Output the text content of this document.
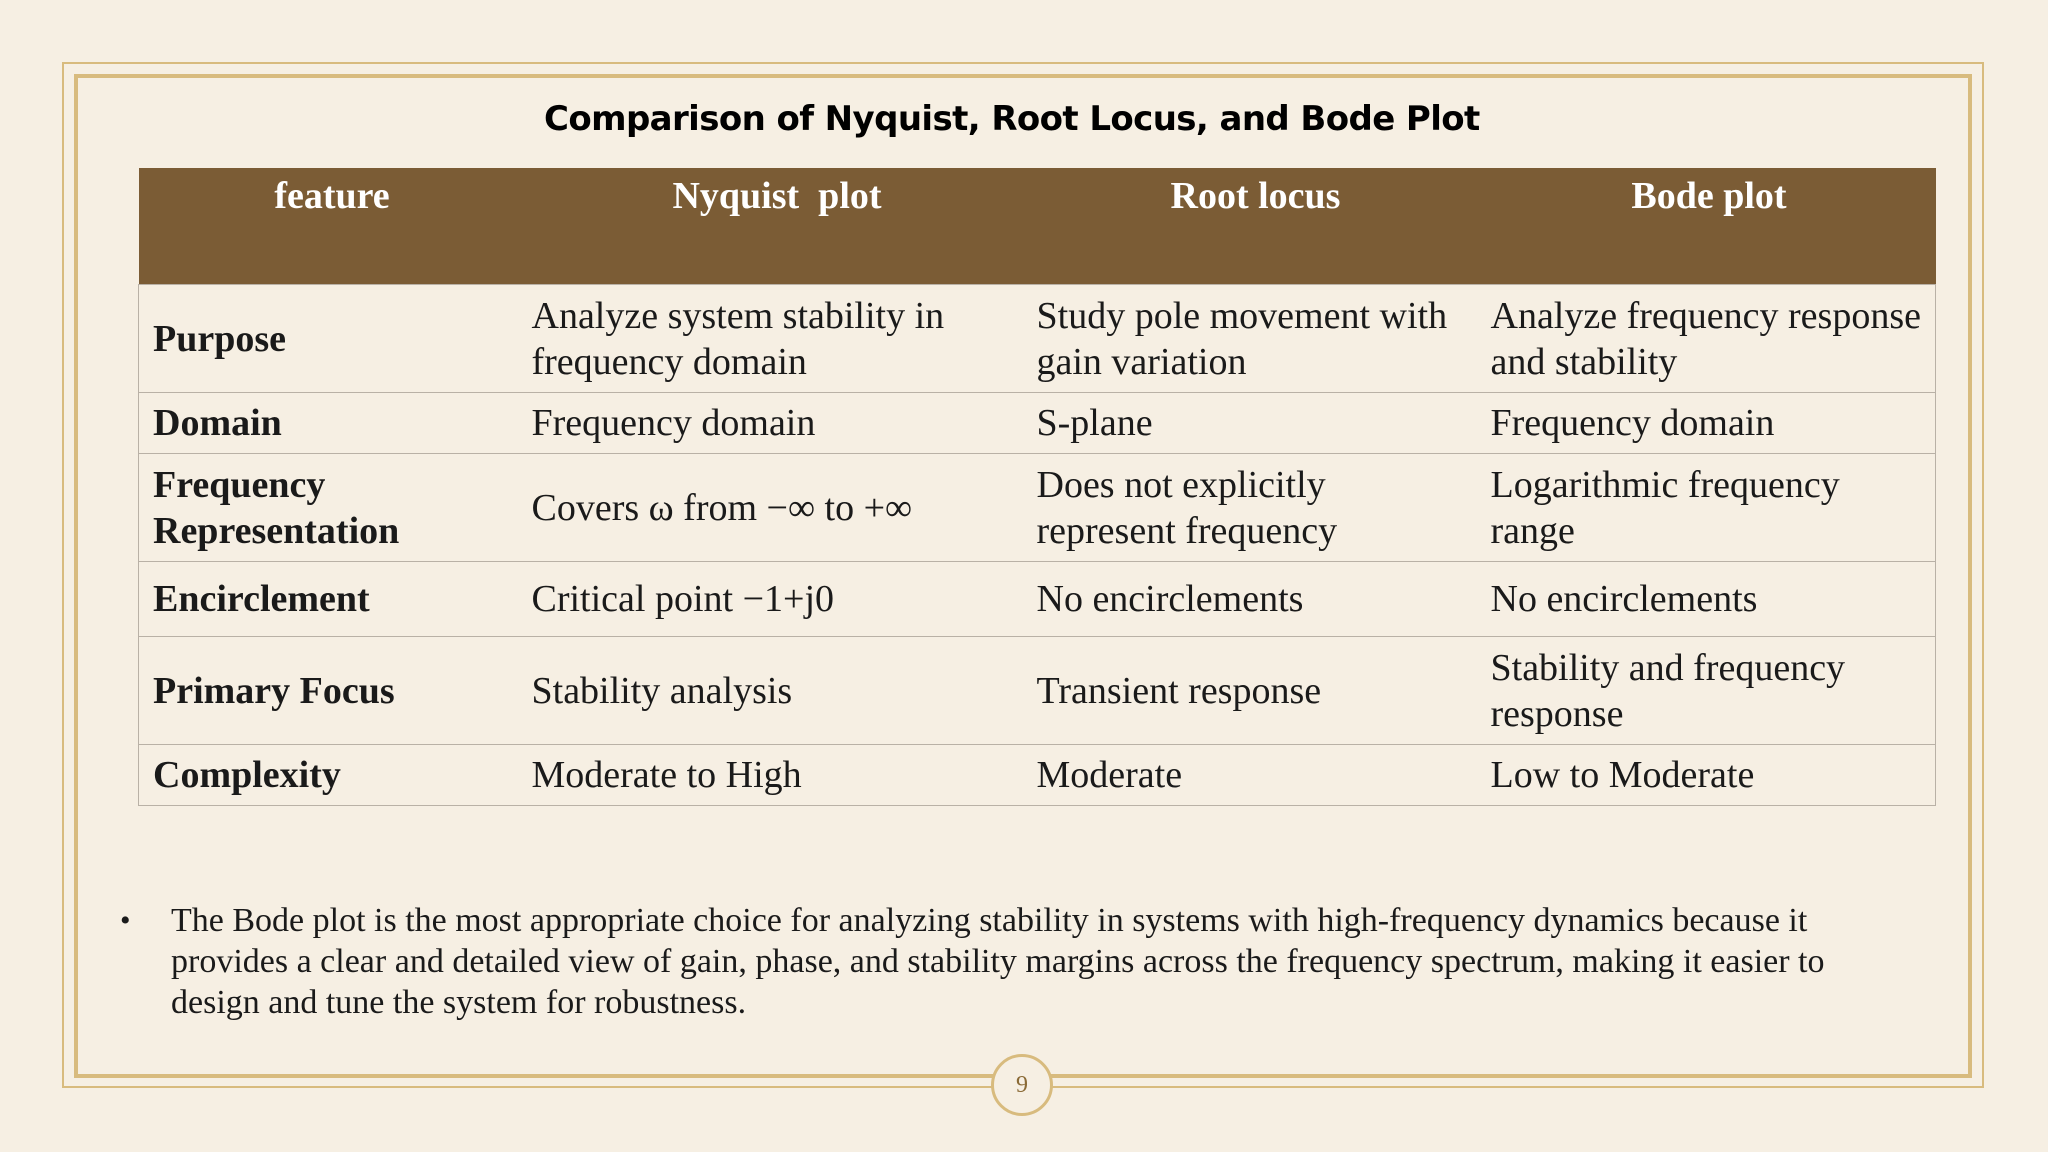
Comparison of Nyquist, Root Locus, and Bode Plot
feature	Nyquist  plot	Root locus	Bode plot
Purpose	Analyze system stability in frequency domain	Study pole movement with gain variation	Analyze frequency response and stability
Domain	Frequency domain	S-plane	Frequency domain
Frequency Representation	Covers ω from −∞ to +∞	Does not explicitly represent frequency	Logarithmic frequency range
Encirclement	Critical point −1+j0	No encirclements	No encirclements
Primary Focus	Stability analysis	Transient response	Stability and frequency response
Complexity	Moderate to High	Moderate	Low to Moderate
• The Bode plot is the most appropriate choice for analyzing stability in systems with high-frequency dynamics because it provides a clear and detailed view of gain, phase, and stability margins across the frequency spectrum, making it easier to design and tune the system for robustness.
9
